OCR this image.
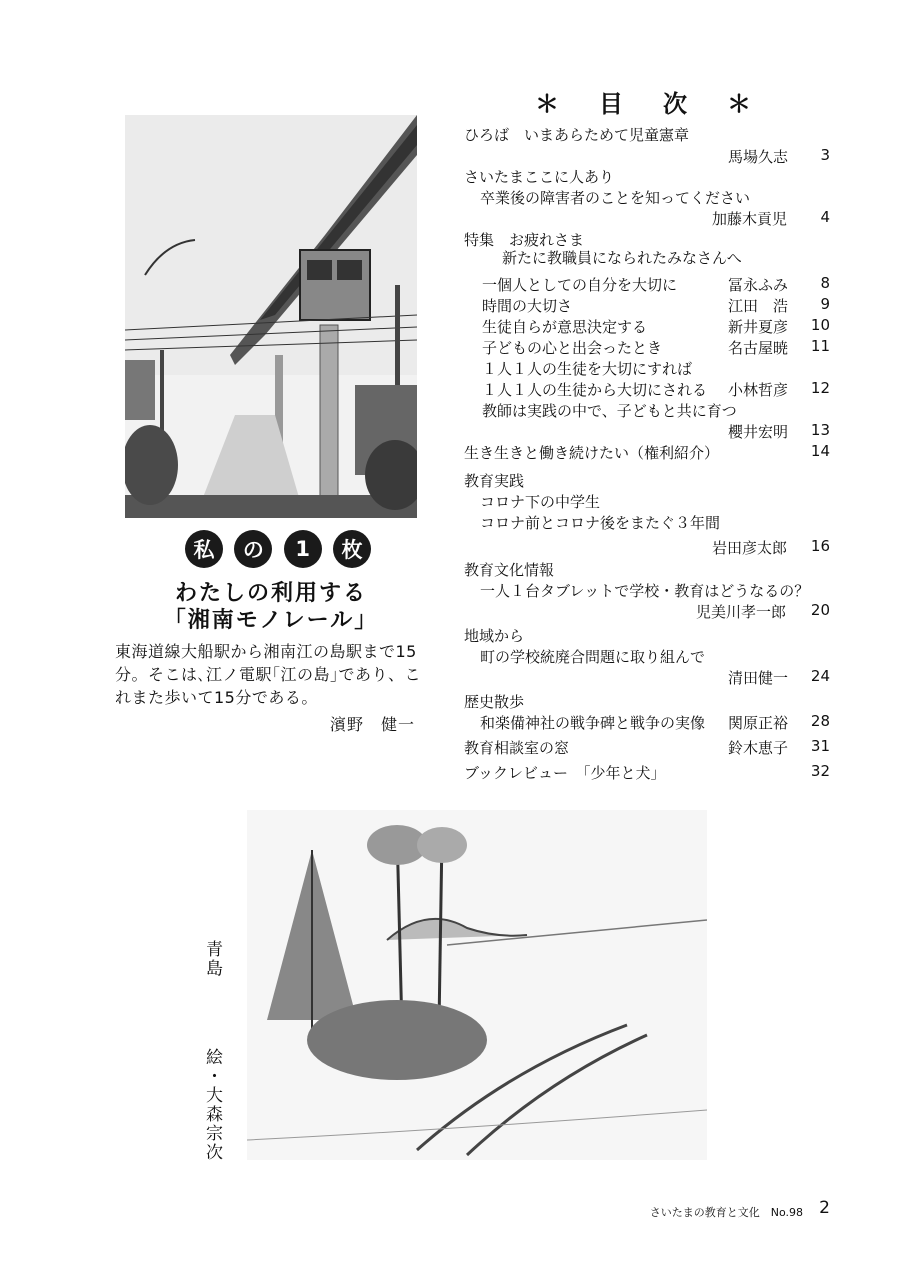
私	の	1	枚
わたしの利用する
「湘南モノレール」
東海道線大船駅から湘南江の島駅まで15分。そこは､江ノ電駅｢江の島｣であり、これまた歩いて15分である。
濱野　健一
＊目次＊
ひろば　いまあらためて児童憲章
馬場久志 3
さいたまここに人あり
卒業後の障害者のことを知ってください
加藤木貢児 4
特集　お疲れさま
新たに教職員になられたみなさんへ
一個人としての自分を大切に	冨永ふみ 8
時間の大切さ	江田　浩 9
生徒自らが意思決定する	新井夏彦 10
子どもの心と出会ったとき	名古屋暁 11
１人１人の生徒を大切にすれば
１人１人の生徒から大切にされる 小林哲彦 12
教師は実践の中で、子どもと共に育つ
櫻井宏明 13
生き生きと働き続けたい（権利紹介）	14
教育実践
コロナ下の中学生
コロナ前とコロナ後をまたぐ３年間
岩田彦太郎 16
教育文化情報
一人１台タブレットで学校・教育はどうなるの？
児美川孝一郎 20
地域から
町の学校統廃合問題に取り組んで
清田健一 24
歴史散歩
和楽備神社の戦争碑と戦争の実像 関原正裕 28
教育相談室の窓	鈴木恵子 31
ブックレビュー　「少年と犬」	32
青島
絵・大森宗次
さいたまの教育と文化　No.98 2
